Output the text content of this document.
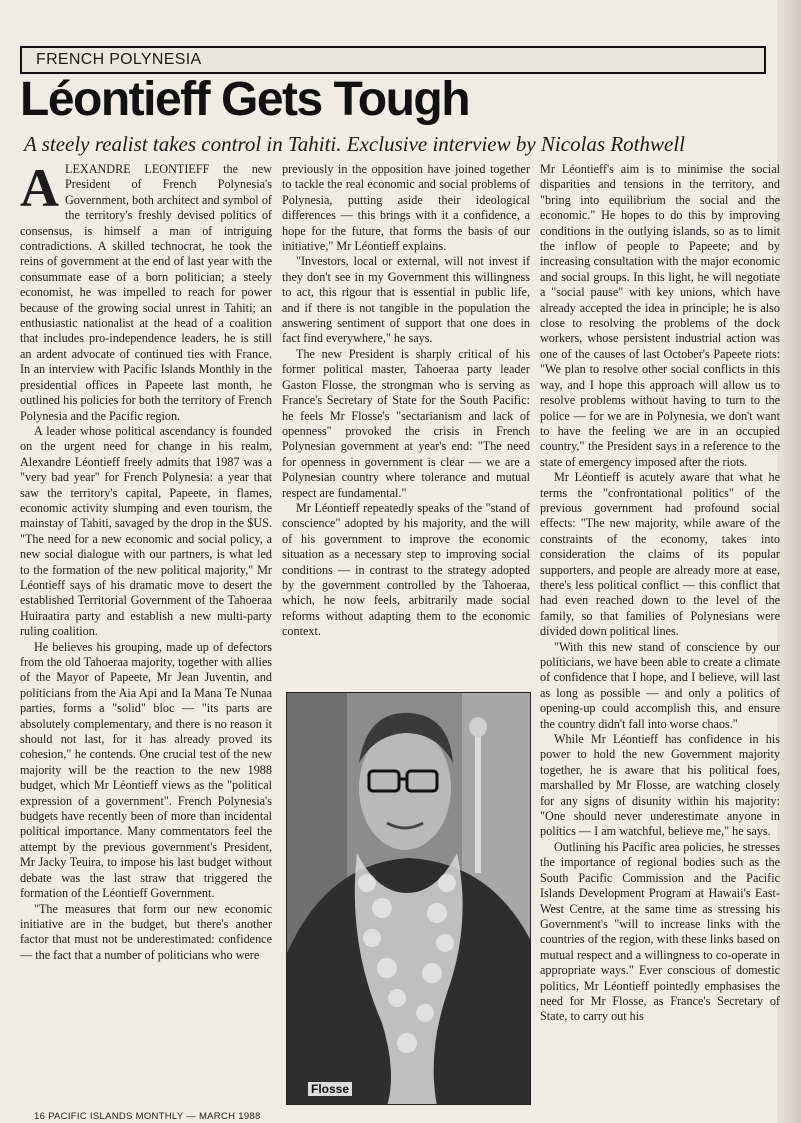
FRENCH POLYNESIA
Léontieff Gets Tough
A steely realist takes control in Tahiti. Exclusive interview by Nicolas Rothwell

ALEXANDRE LEONTIEFF the new President of French Polynesia's Government, both architect and symbol of the territory's freshly devised politics of consensus, is himself a man of intriguing contradictions. A skilled technocrat, he took the reins of government at the end of last year with the consummate ease of a born politician; a steely economist, he was impelled to reach for power because of the growing social unrest in Tahiti; an enthusiastic nationalist at the head of a coalition that includes pro-independence leaders, he is still an ardent advocate of continued ties with France. In an interview with Pacific Islands Monthly in the presidential offices in Papeete last month, he outlined his policies for both the territory of French Polynesia and the Pacific region.

A leader whose political ascendancy is founded on the urgent need for change in his realm, Alexandre Léontieff freely admits that 1987 was a "very bad year" for French Polynesia: a year that saw the territory's capital, Papeete, in flames, economic activity slumping and even tourism, the mainstay of Tahiti, savaged by the drop in the $US. "The need for a new economic and social policy, a new social dialogue with our partners, is what led to the formation of the new political majority," Mr Léontieff says of his dramatic move to desert the established Territorial Government of the Tahoeraa Huiraatira party and establish a new multi-party ruling coalition.

He believes his grouping, made up of defectors from the old Tahoeraa majority, together with allies of the Mayor of Papeete, Mr Jean Juventin, and politicians from the Aia Api and Ia Mana Te Nunaa parties, forms a "solid" bloc — "its parts are absolutely complementary, and there is no reason it should not last, for it has already proved its cohesion," he contends. One crucial test of the new majority will be the reaction to the new 1988 budget, which Mr Léontieff views as the "political expression of a government". French Polynesia's budgets have recently been of more than incidental political importance. Many commentators feel the attempt by the previous government's President, Mr Jacky Teuira, to impose his last budget without debate was the last straw that triggered the formation of the Léontieff Government.

"The measures that form our new economic initiative are in the budget, but there's another factor that must not be underestimated: confidence — the fact that a number of politicians who were

previously in the opposition have joined together to tackle the real economic and social problems of Polynesia, putting aside their ideological differences — this brings with it a confidence, a hope for the future, that forms the basis of our initiative," Mr Léontieff explains.

"Investors, local or external, will not invest if they don't see in my Government this willingness to act, this rigour that is essential in public life, and if there is not tangible in the population the answering sentiment of support that one does in fact find everywhere," he says.

The new President is sharply critical of his former political master, Tahoeraa party leader Gaston Flosse, the strongman who is serving as France's Secretary of State for the South Pacific: he feels Mr Flosse's "sectarianism and lack of openness" provoked the crisis in French Polynesian government at year's end: "The need for openness in government is clear — we are a Polynesian country where tolerance and mutual respect are fundamental."

Mr Léontieff repeatedly speaks of the "stand of conscience" adopted by his majority, and the will of his government to improve the economic situation as a necessary step to improving social conditions — in contrast to the strategy adopted by the government controlled by the Tahoeraa, which, he now feels, arbitrarily made social reforms without adapting them to the economic context.

Flosse

Mr Léontieff's aim is to minimise the social disparities and tensions in the territory, and "bring into equilibrium the social and the economic." He hopes to do this by improving conditions in the outlying islands, so as to limit the inflow of people to Papeete; and by increasing consultation with the major economic and social groups. In this light, he will negotiate a "social pause" with key unions, which have already accepted the idea in principle; he is also close to resolving the problems of the dock workers, whose persistent industrial action was one of the causes of last October's Papeete riots: "We plan to resolve other social conflicts in this way, and I hope this approach will allow us to resolve problems without having to turn to the police — for we are in Polynesia, we don't want to have the feeling we are in an occupied country," the President says in a reference to the state of emergency imposed after the riots.

Mr Léontieff is acutely aware that what he terms the "confrontational politics" of the previous government had profound social effects: "The new majority, while aware of the constraints of the economy, takes into consideration the claims of its popular supporters, and people are already more at ease, there's less political conflict — this conflict that had even reached down to the level of the family, so that families of Polynesians were divided down political lines.

"With this new stand of conscience by our politicians, we have been able to create a climate of confidence that I hope, and I believe, will last as long as possible — and only a politics of opening-up could accomplish this, and ensure the country didn't fall into worse chaos."

While Mr Léontieff has confidence in his power to hold the new Government majority together, he is aware that his political foes, marshalled by Mr Flosse, are watching closely for any signs of disunity within his majority: "One should never underestimate anyone in politics — I am watchful, believe me," he says.

Outlining his Pacific area policies, he stresses the importance of regional bodies such as the South Pacific Commission and the Pacific Islands Development Program at Hawaii's East-West Centre, at the same time as stressing his Government's "will to increase links with the countries of the region, with these links based on mutual respect and a willingness to co-operate in appropriate ways." Ever conscious of domestic politics, Mr Léontieff pointedly emphasises the need for Mr Flosse, as France's Secretary of State, to carry out his

16 PACIFIC ISLANDS MONTHLY — MARCH 1988
